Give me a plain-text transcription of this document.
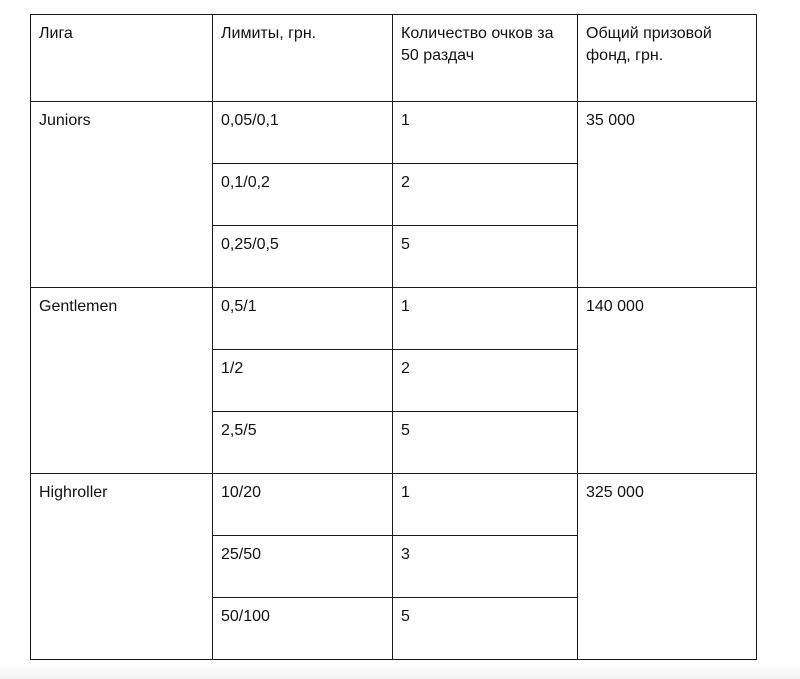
Лига	Лимиты, грн.	Количество очков за 50 раздач	Общий призовой фонд, грн.
Juniors	0,05/0,1	1	35 000
	0,1/0,2	2	
	0,25/0,5	5	
Gentlemen	0,5/1	1	140 000
	1/2	2	
	2,5/5	5	
Highroller	10/20	1	325 000
	25/50	3	
	50/100	5	
